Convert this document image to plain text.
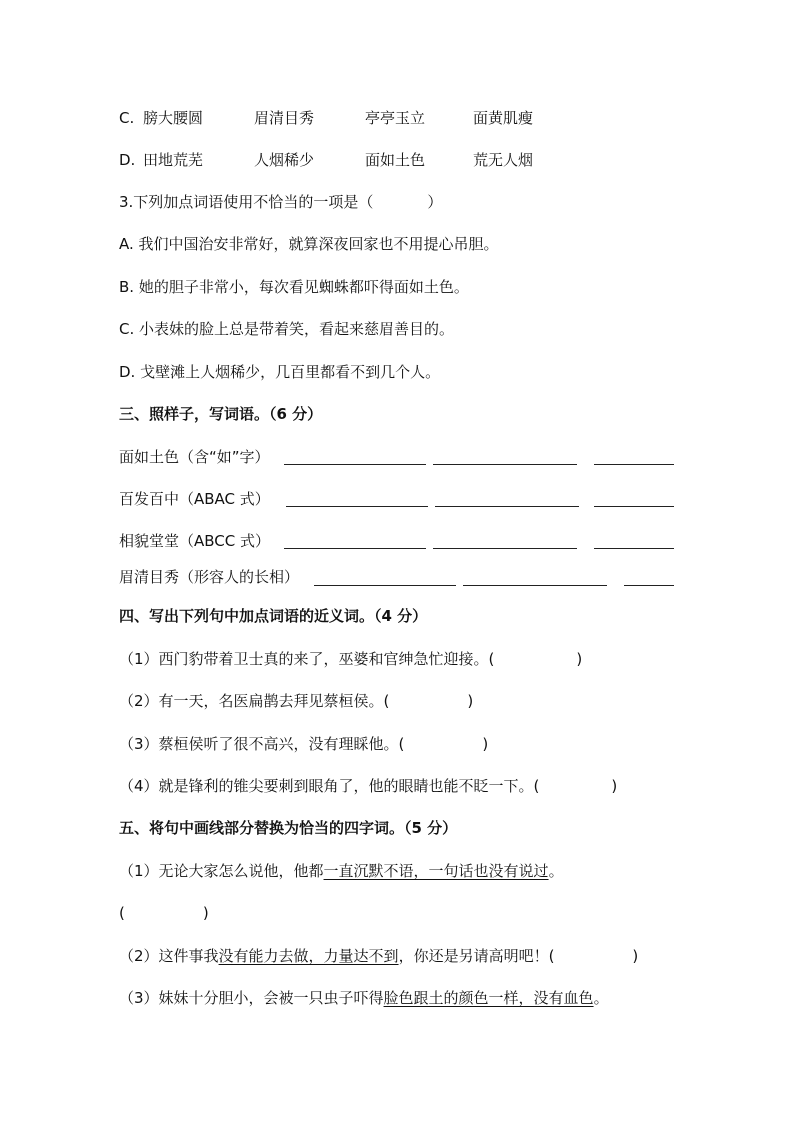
C. 膀大腰圆	眉清目秀	亭亭玉立	面黄肌瘦
D. 田地荒芜	人烟稀少	面如土色	荒无人烟
3.下列加点词语使用不恰当的一项是（	）
A. 我们中国治安非常好，就算深夜回家也不用提心吊胆。
B. 她的胆子非常小，每次看见蜘蛛都吓得面如土色。
C. 小表妹的脸上总是带着笑，看起来慈眉善目的。
D. 戈壁滩上人烟稀少，几百里都看不到几个人。
三、照样子，写词语。（6 分）
面如土色（含“如”字）
百发百中（ABAC 式）
相貌堂堂（ABCC 式）
眉清目秀（形容人的长相）
四、写出下列句中加点词语的近义词。（4 分）
（1）西门豹带着卫士真的来了，巫婆和官绅急忙迎接。(	)
（2）有一天，名医扁鹊去拜见蔡桓侯。(	)
（3）蔡桓侯听了很不高兴，没有理睬他。(	)
（4）就是锋利的锥尖要刺到眼角了，他的眼睛也能不眨一下。(	)
五、将句中画线部分替换为恰当的四字词。（5 分）
（1）无论大家怎么说他，他都一直沉默不语，一句话也没有说过。
(	)
（2）这件事我没有能力去做，力量达不到，你还是另请高明吧！(	)
（3）妹妹十分胆小，会被一只虫子吓得脸色跟土的颜色一样，没有血色。
